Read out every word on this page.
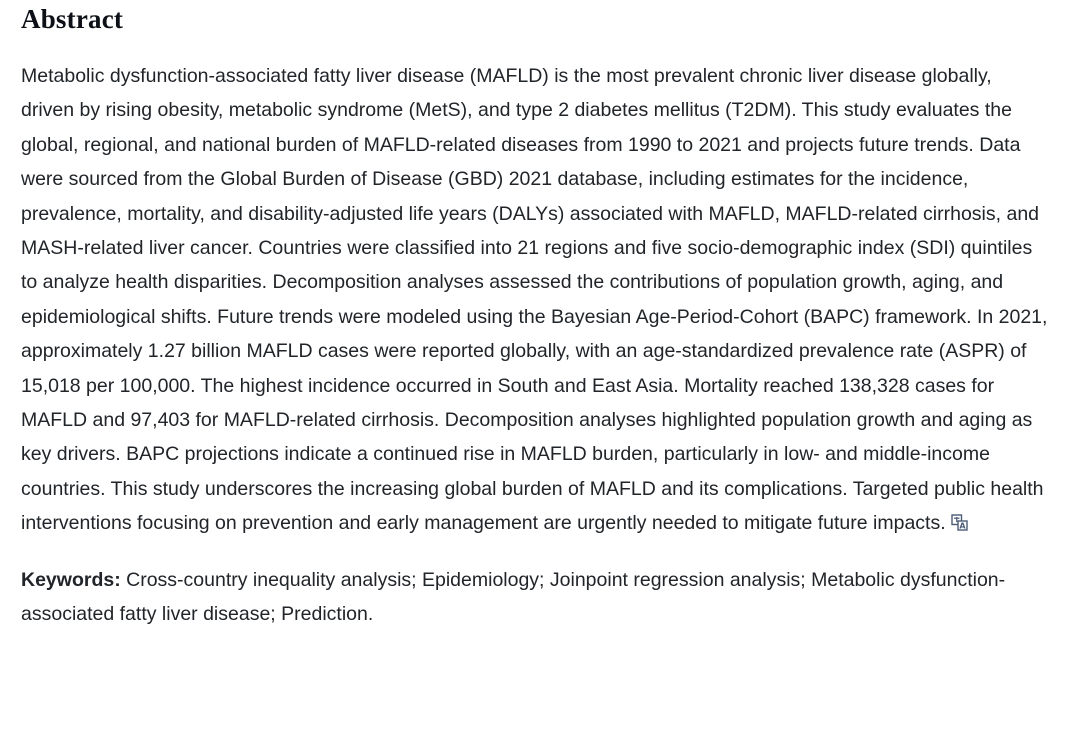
Abstract

Metabolic dysfunction-associated fatty liver disease (MAFLD) is the most prevalent chronic liver disease globally, driven by rising obesity, metabolic syndrome (MetS), and type 2 diabetes mellitus (T2DM). This study evaluates the global, regional, and national burden of MAFLD-related diseases from 1990 to 2021 and projects future trends. Data were sourced from the Global Burden of Disease (GBD) 2021 database, including estimates for the incidence, prevalence, mortality, and disability-adjusted life years (DALYs) associated with MAFLD, MAFLD-related cirrhosis, and MASH-related liver cancer. Countries were classified into 21 regions and five socio-demographic index (SDI) quintiles to analyze health disparities. Decomposition analyses assessed the contributions of population growth, aging, and epidemiological shifts. Future trends were modeled using the Bayesian Age-Period-Cohort (BAPC) framework. In 2021, approximately 1.27 billion MAFLD cases were reported globally, with an age-standardized prevalence rate (ASPR) of 15,018 per 100,000. The highest incidence occurred in South and East Asia. Mortality reached 138,328 cases for MAFLD and 97,403 for MAFLD-related cirrhosis. Decomposition analyses highlighted population growth and aging as key drivers. BAPC projections indicate a continued rise in MAFLD burden, particularly in low- and middle-income countries. This study underscores the increasing global burden of MAFLD and its complications. Targeted public health interventions focusing on prevention and early management are urgently needed to mitigate future impacts. A

Keywords: Cross-country inequality analysis; Epidemiology; Joinpoint regression analysis; Metabolic dysfunction-associated fatty liver disease; Prediction.
